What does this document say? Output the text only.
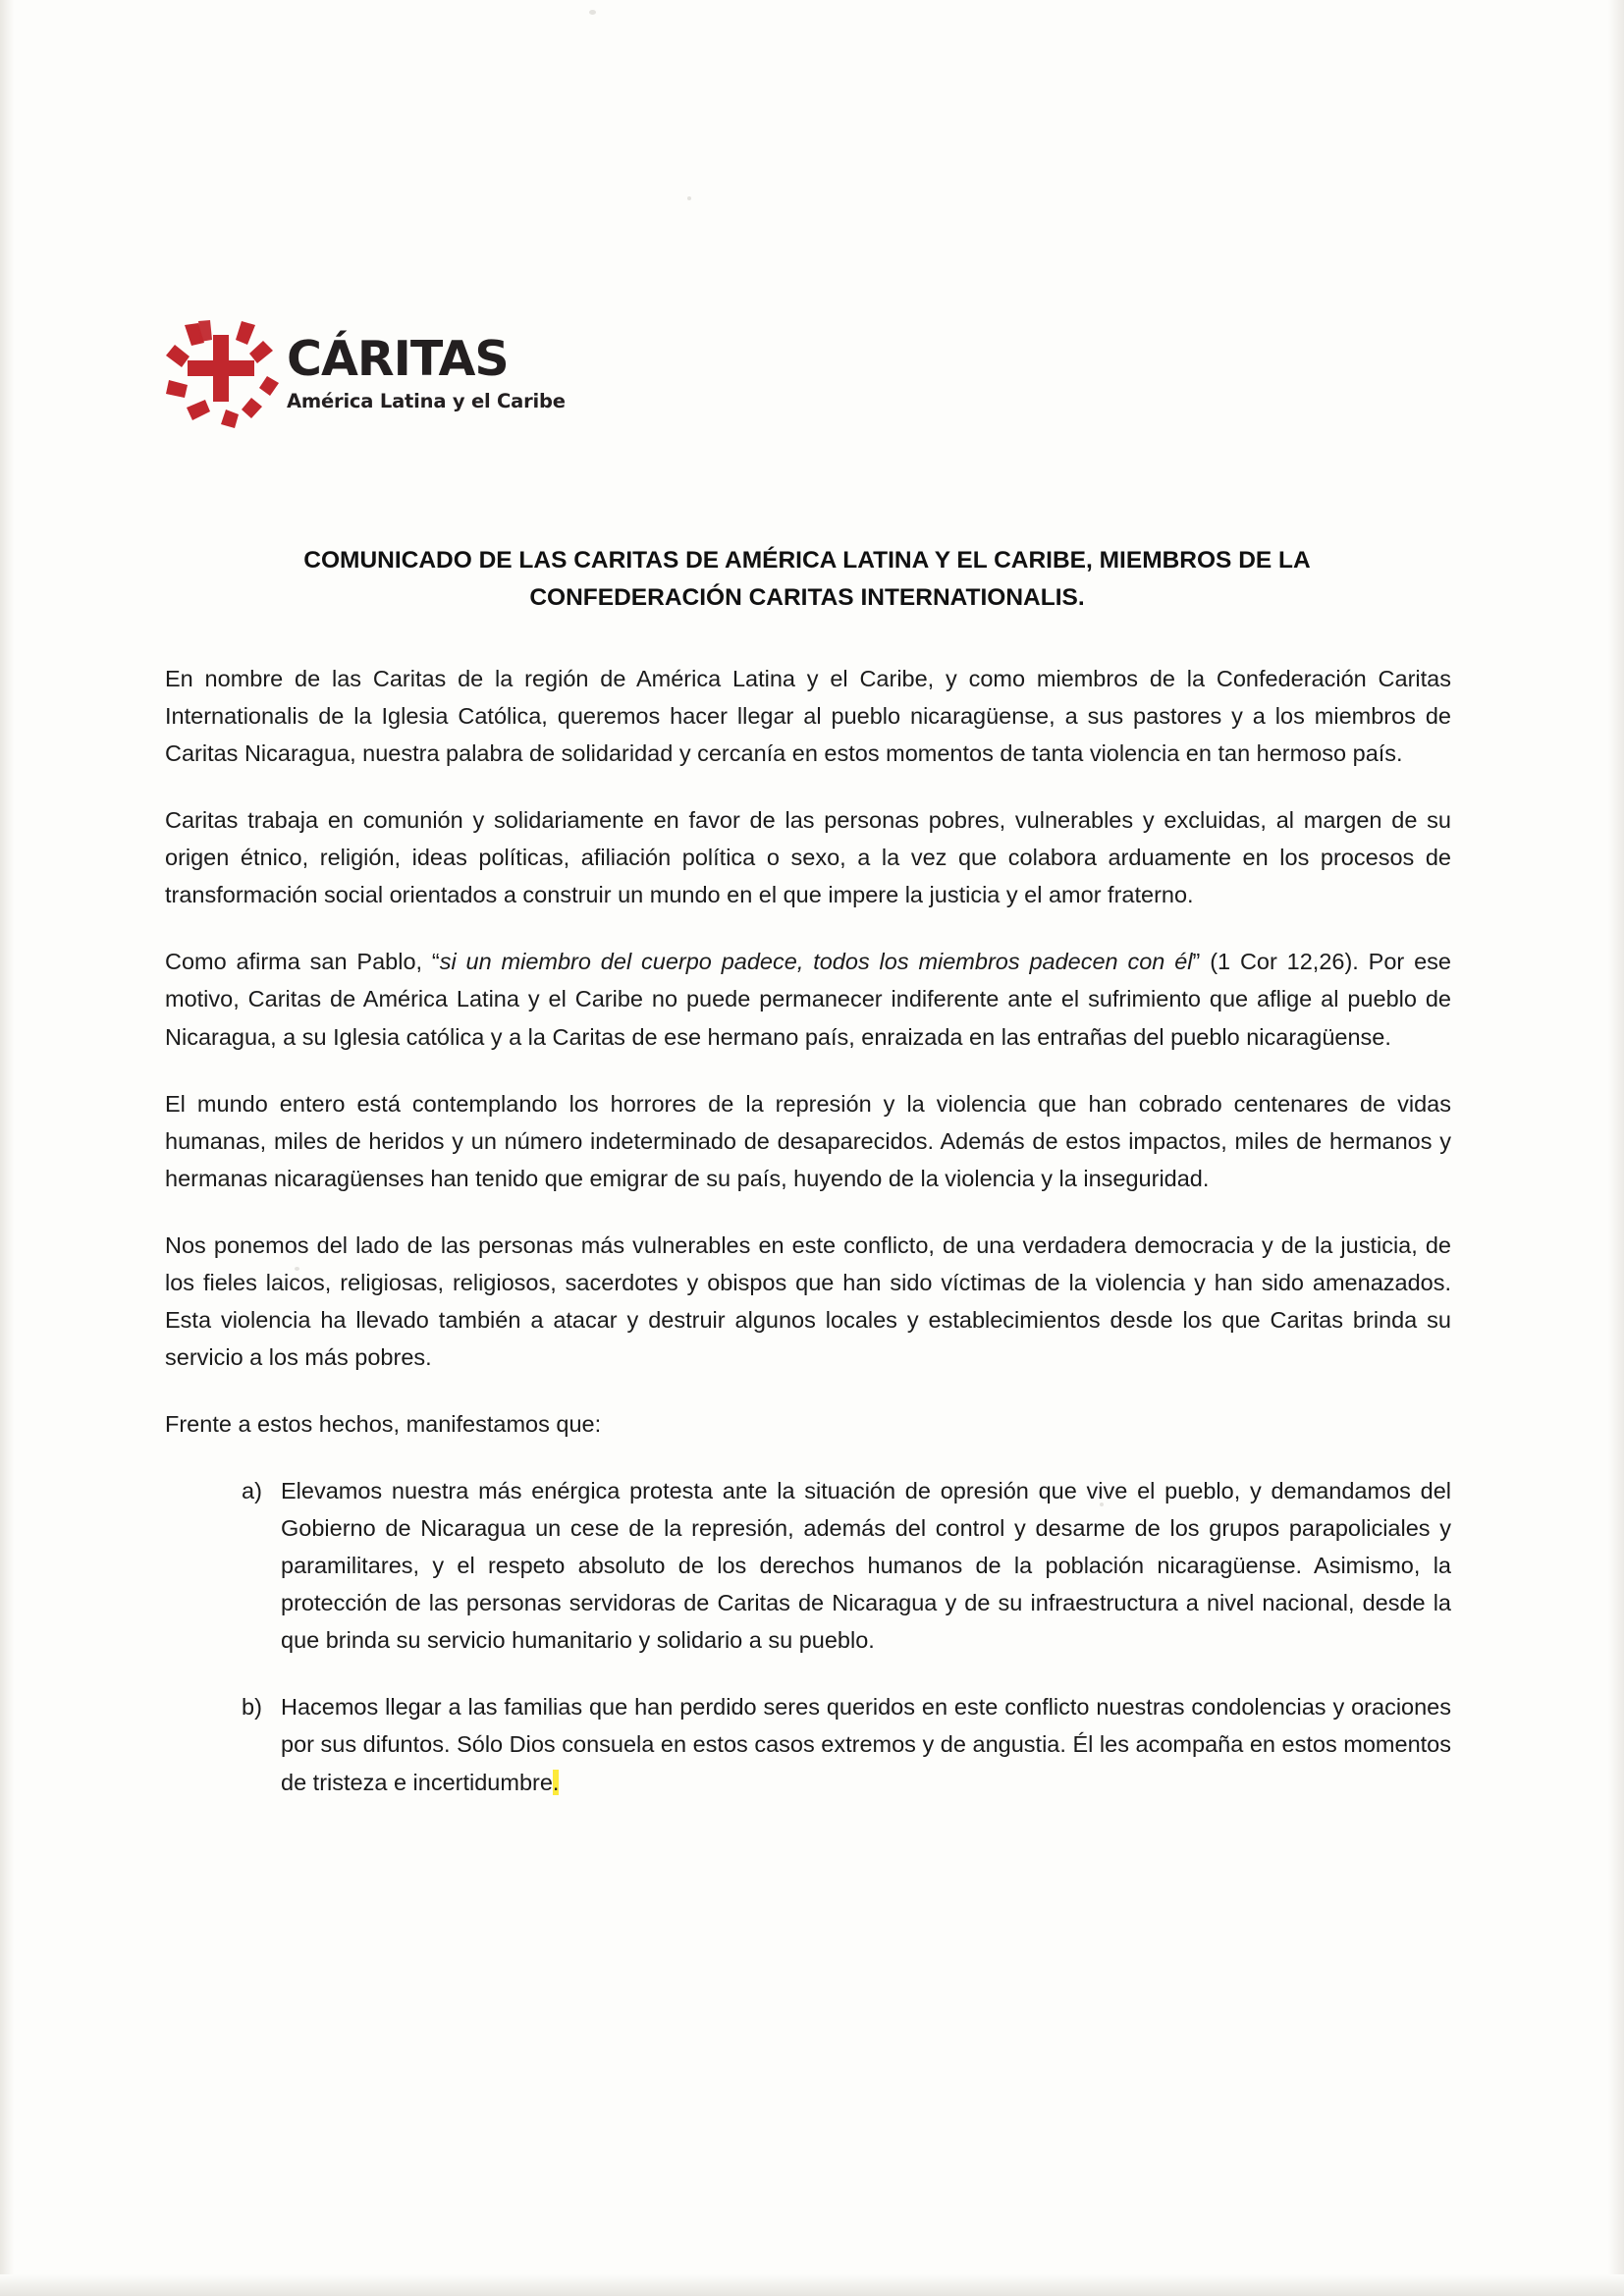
CÁRITAS
América Latina y el Caribe
COMUNICADO DE LAS CARITAS DE AMÉRICA LATINA Y EL CARIBE, MIEMBROS DE LA CONFEDERACIÓN CARITAS INTERNATIONALIS.

En nombre de las Caritas de la región de América Latina y el Caribe, y como miembros de la Confederación Caritas Internationalis de la Iglesia Católica, queremos hacer llegar al pueblo nicaragüense, a sus pastores y a los miembros de Caritas Nicaragua, nuestra palabra de solidaridad y cercanía en estos momentos de tanta violencia en tan hermoso país.

Caritas trabaja en comunión y solidariamente en favor de las personas pobres, vulnerables y excluidas, al margen de su origen étnico, religión, ideas políticas, afiliación política o sexo, a la vez que colabora arduamente en los procesos de transformación social orientados a construir un mundo en el que impere la justicia y el amor fraterno.

Como afirma san Pablo, “si un miembro del cuerpo padece, todos los miembros padecen con él” (1 Cor 12,26). Por ese motivo, Caritas de América Latina y el Caribe no puede permanecer indiferente ante el sufrimiento que aflige al pueblo de Nicaragua, a su Iglesia católica y a la Caritas de ese hermano país, enraizada en las entrañas del pueblo nicaragüense.

El mundo entero está contemplando los horrores de la represión y la violencia que han cobrado centenares de vidas humanas, miles de heridos y un número indeterminado de desaparecidos. Además de estos impactos, miles de hermanos y hermanas nicaragüenses han tenido que emigrar de su país, huyendo de la violencia y la inseguridad.

Nos ponemos del lado de las personas más vulnerables en este conflicto, de una verdadera democracia y de la justicia, de los fieles laicos, religiosas, religiosos, sacerdotes y obispos que han sido víctimas de la violencia y han sido amenazados. Esta violencia ha llevado también a atacar y destruir algunos locales y establecimientos desde los que Caritas brinda su servicio a los más pobres.

Frente a estos hechos, manifestamos que:

a) Elevamos nuestra más enérgica protesta ante la situación de opresión que vive el pueblo, y demandamos del Gobierno de Nicaragua un cese de la represión, además del control y desarme de los grupos parapoliciales y paramilitares, y el respeto absoluto de los derechos humanos de la población nicaragüense. Asimismo, la protección de las personas servidoras de Caritas de Nicaragua y de su infraestructura a nivel nacional, desde la que brinda su servicio humanitario y solidario a su pueblo.
b) Hacemos llegar a las familias que han perdido seres queridos en este conflicto nuestras condolencias y oraciones por sus difuntos. Sólo Dios consuela en estos casos extremos y de angustia. Él les acompaña en estos momentos de tristeza e incertidumbre.
